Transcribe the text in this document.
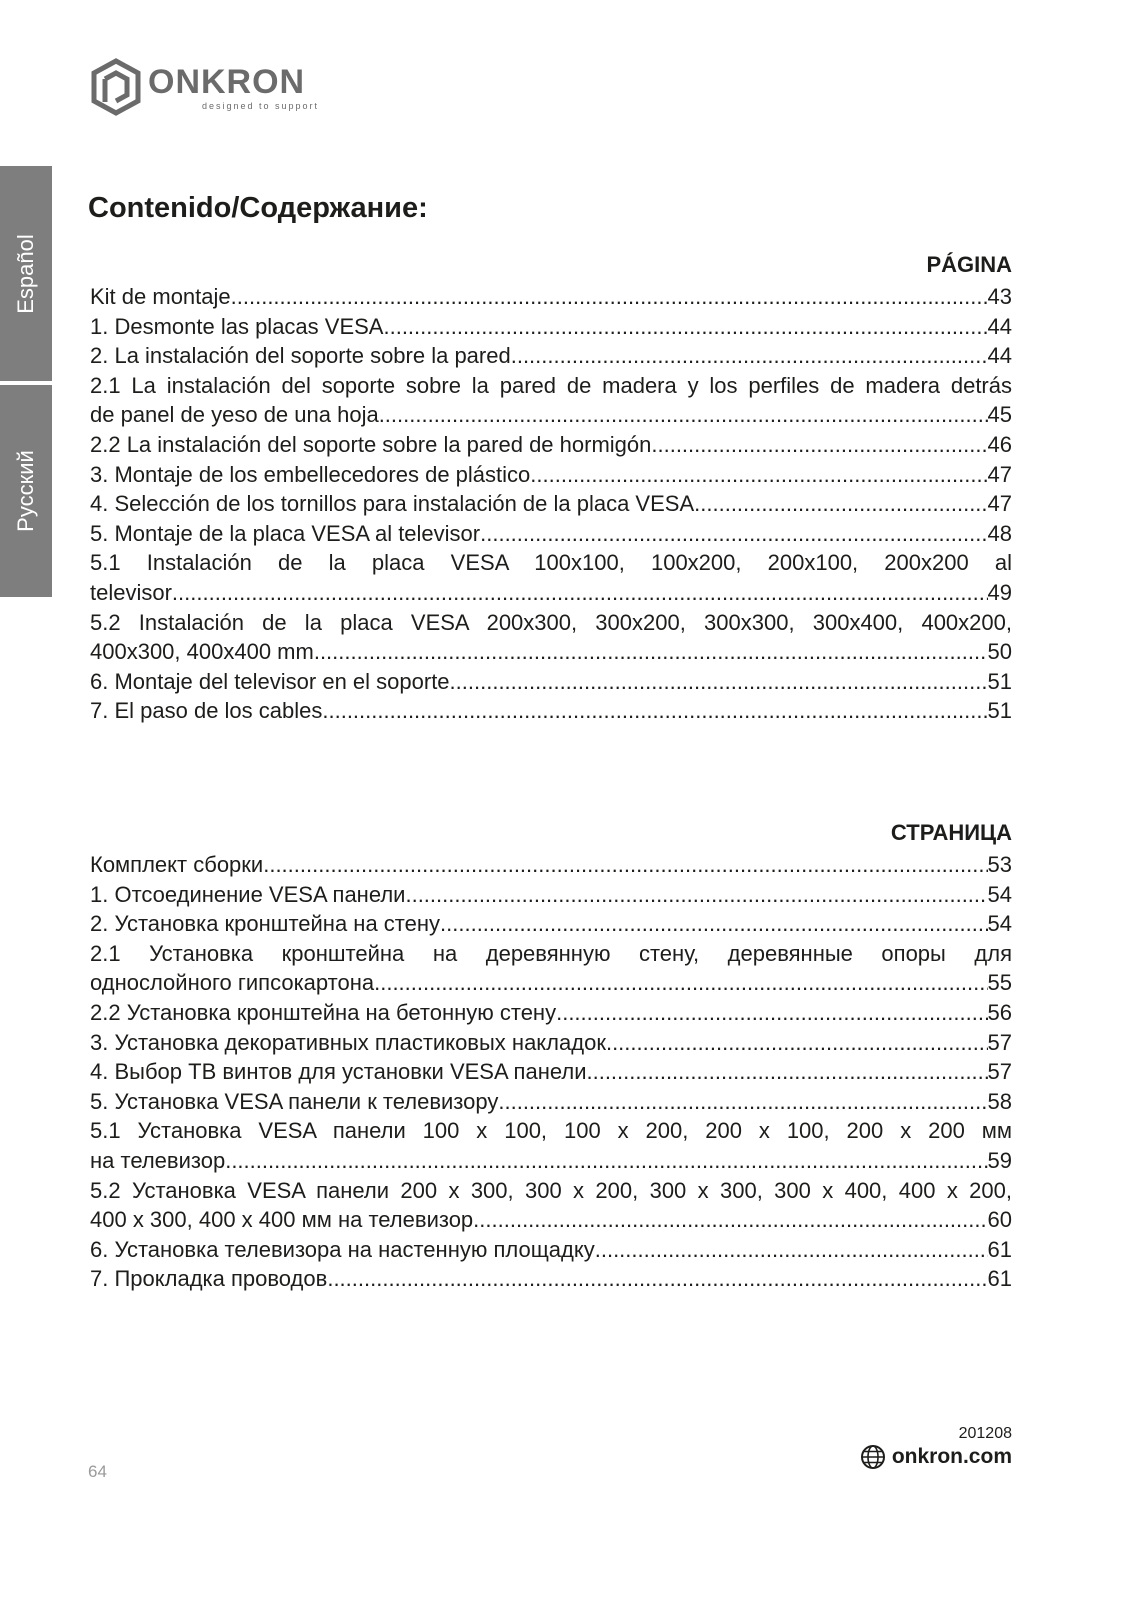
ONKRON
designed to support
Español
Русский
Contenido/Содержание:
PÁGINA
Kit de montaje .....	43
1. Desmonte las placas VESA .....	44
2. La instalación del soporte sobre la pared .....	44
2.1 La instalación del soporte sobre la pared de madera y los perfiles de madera detrás
de panel de yeso de una hoja .....	45
2.2 La instalación del soporte sobre la pared de hormigón .....	46
3. Montaje de los embellecedores de plástico .....	47
4. Selección de los tornillos para instalación de la placa VESA .....	47
5. Montaje de la placa VESA al televisor .....	48
5.1 Instalación de la placa VESA 100x100, 100x200, 200x100, 200x200 al
televisor .....	49
5.2 Instalación de la placa VESA 200x300, 300x200, 300x300, 300x400, 400x200,
400x300, 400x400 mm .....	50
6. Montaje del televisor en el soporte .....	51
7. El paso de los cables .....	51
СТРАНИЦА
Комплект сборки .....	53
1. Отсоединение VESA панели .....	54
2. Установка кронштейна на стену .....	54
2.1 Установка кронштейна на деревянную стену, деревянные опоры для
однослойного гипсокартона .....	55
2.2 Установка кронштейна на бетонную стену .....	56
3. Установка декоративных пластиковых накладок .....	57
4. Выбор ТВ винтов для установки VESA панели .....	57
5. Установка VESA панели к телевизору .....	58
5.1 Установка VESA панели 100 x 100, 100 x 200, 200 x 100, 200 x 200 мм
на телевизор .....	59
5.2 Установка VESA панели 200 x 300, 300 x 200, 300 x 300, 300 x 400, 400 x 200,
400 x 300, 400 x 400 мм на телевизор .....	60
6. Установка телевизора на настенную площадку .....	61
7. Прокладка проводов .....	61
201208
onkron.com
64
